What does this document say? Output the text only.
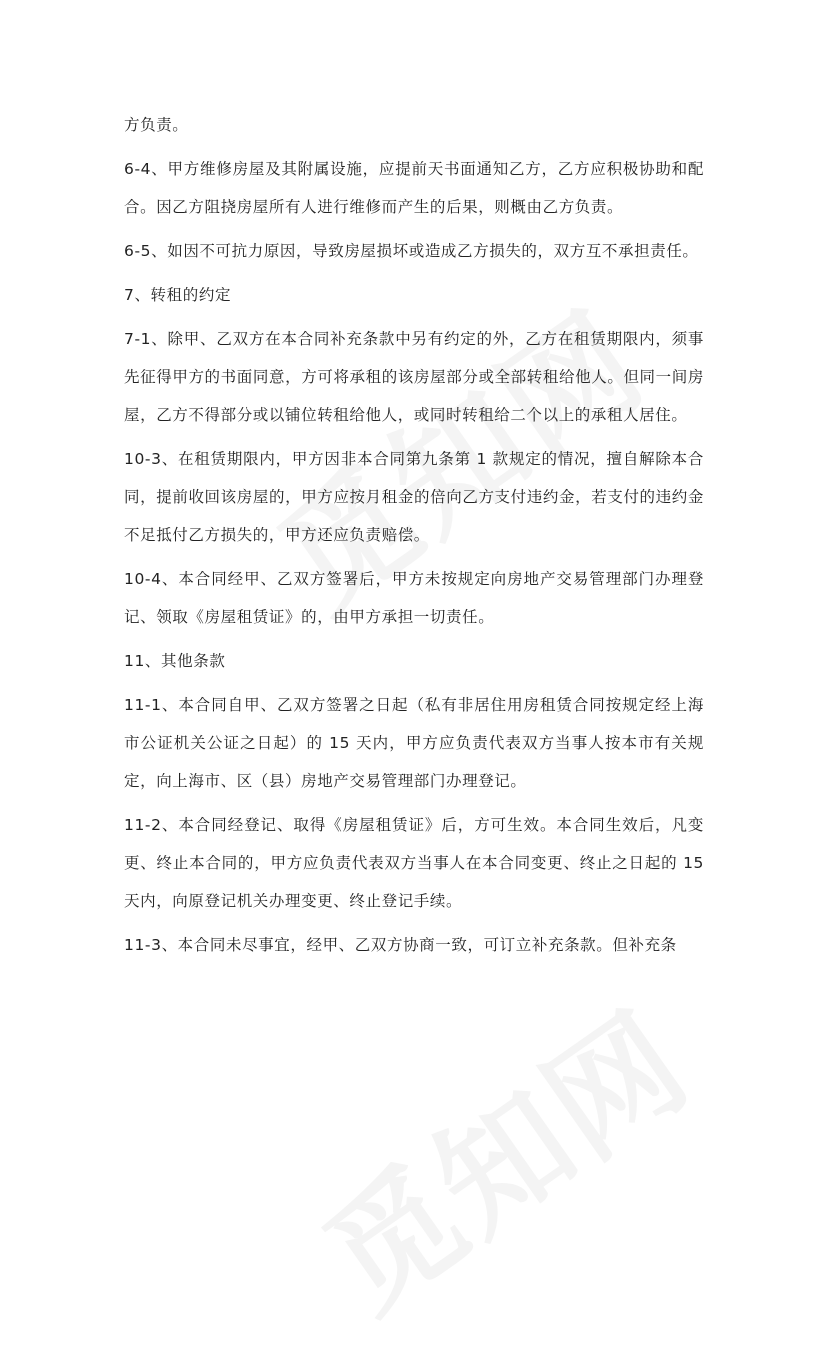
方负责。

6-4、甲方维修房屋及其附属设施，应提前天书面通知乙方，乙方应积极协助和配合。因乙方阻挠房屋所有人进行维修而产生的后果，则概由乙方负责。

6-5、如因不可抗力原因，导致房屋损坏或造成乙方损失的，双方互不承担责任。

7、转租的约定

7-1、除甲、乙双方在本合同补充条款中另有约定的外，乙方在租赁期限内，须事先征得甲方的书面同意，方可将承租的该房屋部分或全部转租给他人。但同一间房屋，乙方不得部分或以铺位转租给他人，或同时转租给二个以上的承租人居住。

10-3、在租赁期限内，甲方因非本合同第九条第 1 款规定的情况，擅自解除本合同，提前收回该房屋的，甲方应按月租金的倍向乙方支付违约金，若支付的违约金不足抵付乙方损失的，甲方还应负责赔偿。

10-4、本合同经甲、乙双方签署后，甲方未按规定向房地产交易管理部门办理登记、领取《房屋租赁证》的，由甲方承担一切责任。

11、其他条款

11-1、本合同自甲、乙双方签署之日起（私有非居住用房租赁合同按规定经上海市公证机关公证之日起）的 15 天内，甲方应负责代表双方当事人按本市有关规定，向上海市、区（县）房地产交易管理部门办理登记。

11-2、本合同经登记、取得《房屋租赁证》后，方可生效。本合同生效后，凡变更、终止本合同的，甲方应负责代表双方当事人在本合同变更、终止之日起的 15 天内，向原登记机关办理变更、终止登记手续。

11-3、本合同未尽事宜，经甲、乙双方协商一致，可订立补充条款。但补充条
